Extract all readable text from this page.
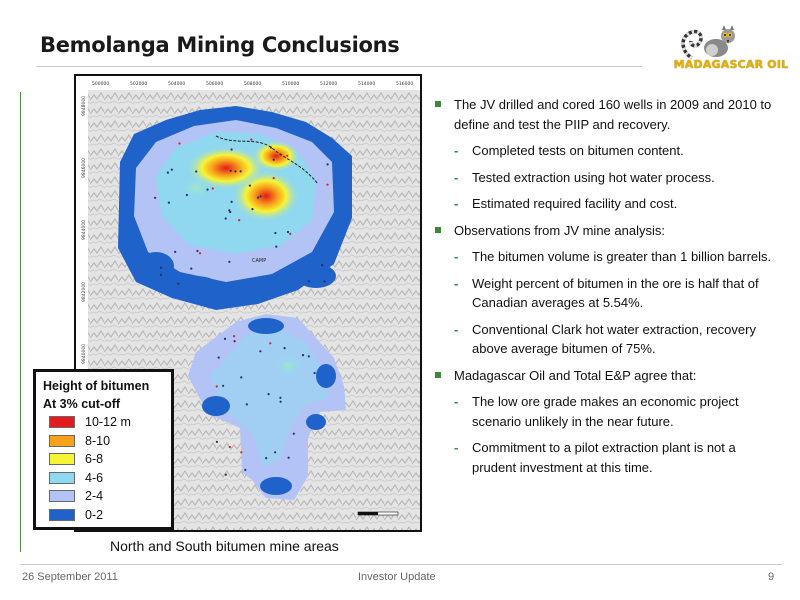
Bemolanga Mining Conclusions
MADAGASCAR OIL
500000	502000	504000	506000	508000	510000	512000	514000	516000
9848000
9846000
9844000
9842000
9840000
CAMP
Height of bitumen
At 3% cut-off
10-12 m
8-10
6-8
4-6
2-4
0-2
North and South bitumen mine areas
The JV drilled and cored 160 wells in 2009 and 2010 to define and test the PIIP and recovery.
- Completed tests on bitumen content.
- Tested extraction using hot water process.
- Estimated required facility and cost.
Observations from JV mine analysis:
- The bitumen volume is greater than 1 billion barrels.
- Weight percent of bitumen in the ore is half that of Canadian averages at 5.54%.
- Conventional Clark hot water extraction, recovery above average bitumen of 75%.
Madagascar Oil and Total E&P agree that:
- The low ore grade makes an economic project scenario unlikely in the near future.
- Commitment to a pilot extraction plant is not a prudent investment at this time.
26 September 2011	Investor Update	9
